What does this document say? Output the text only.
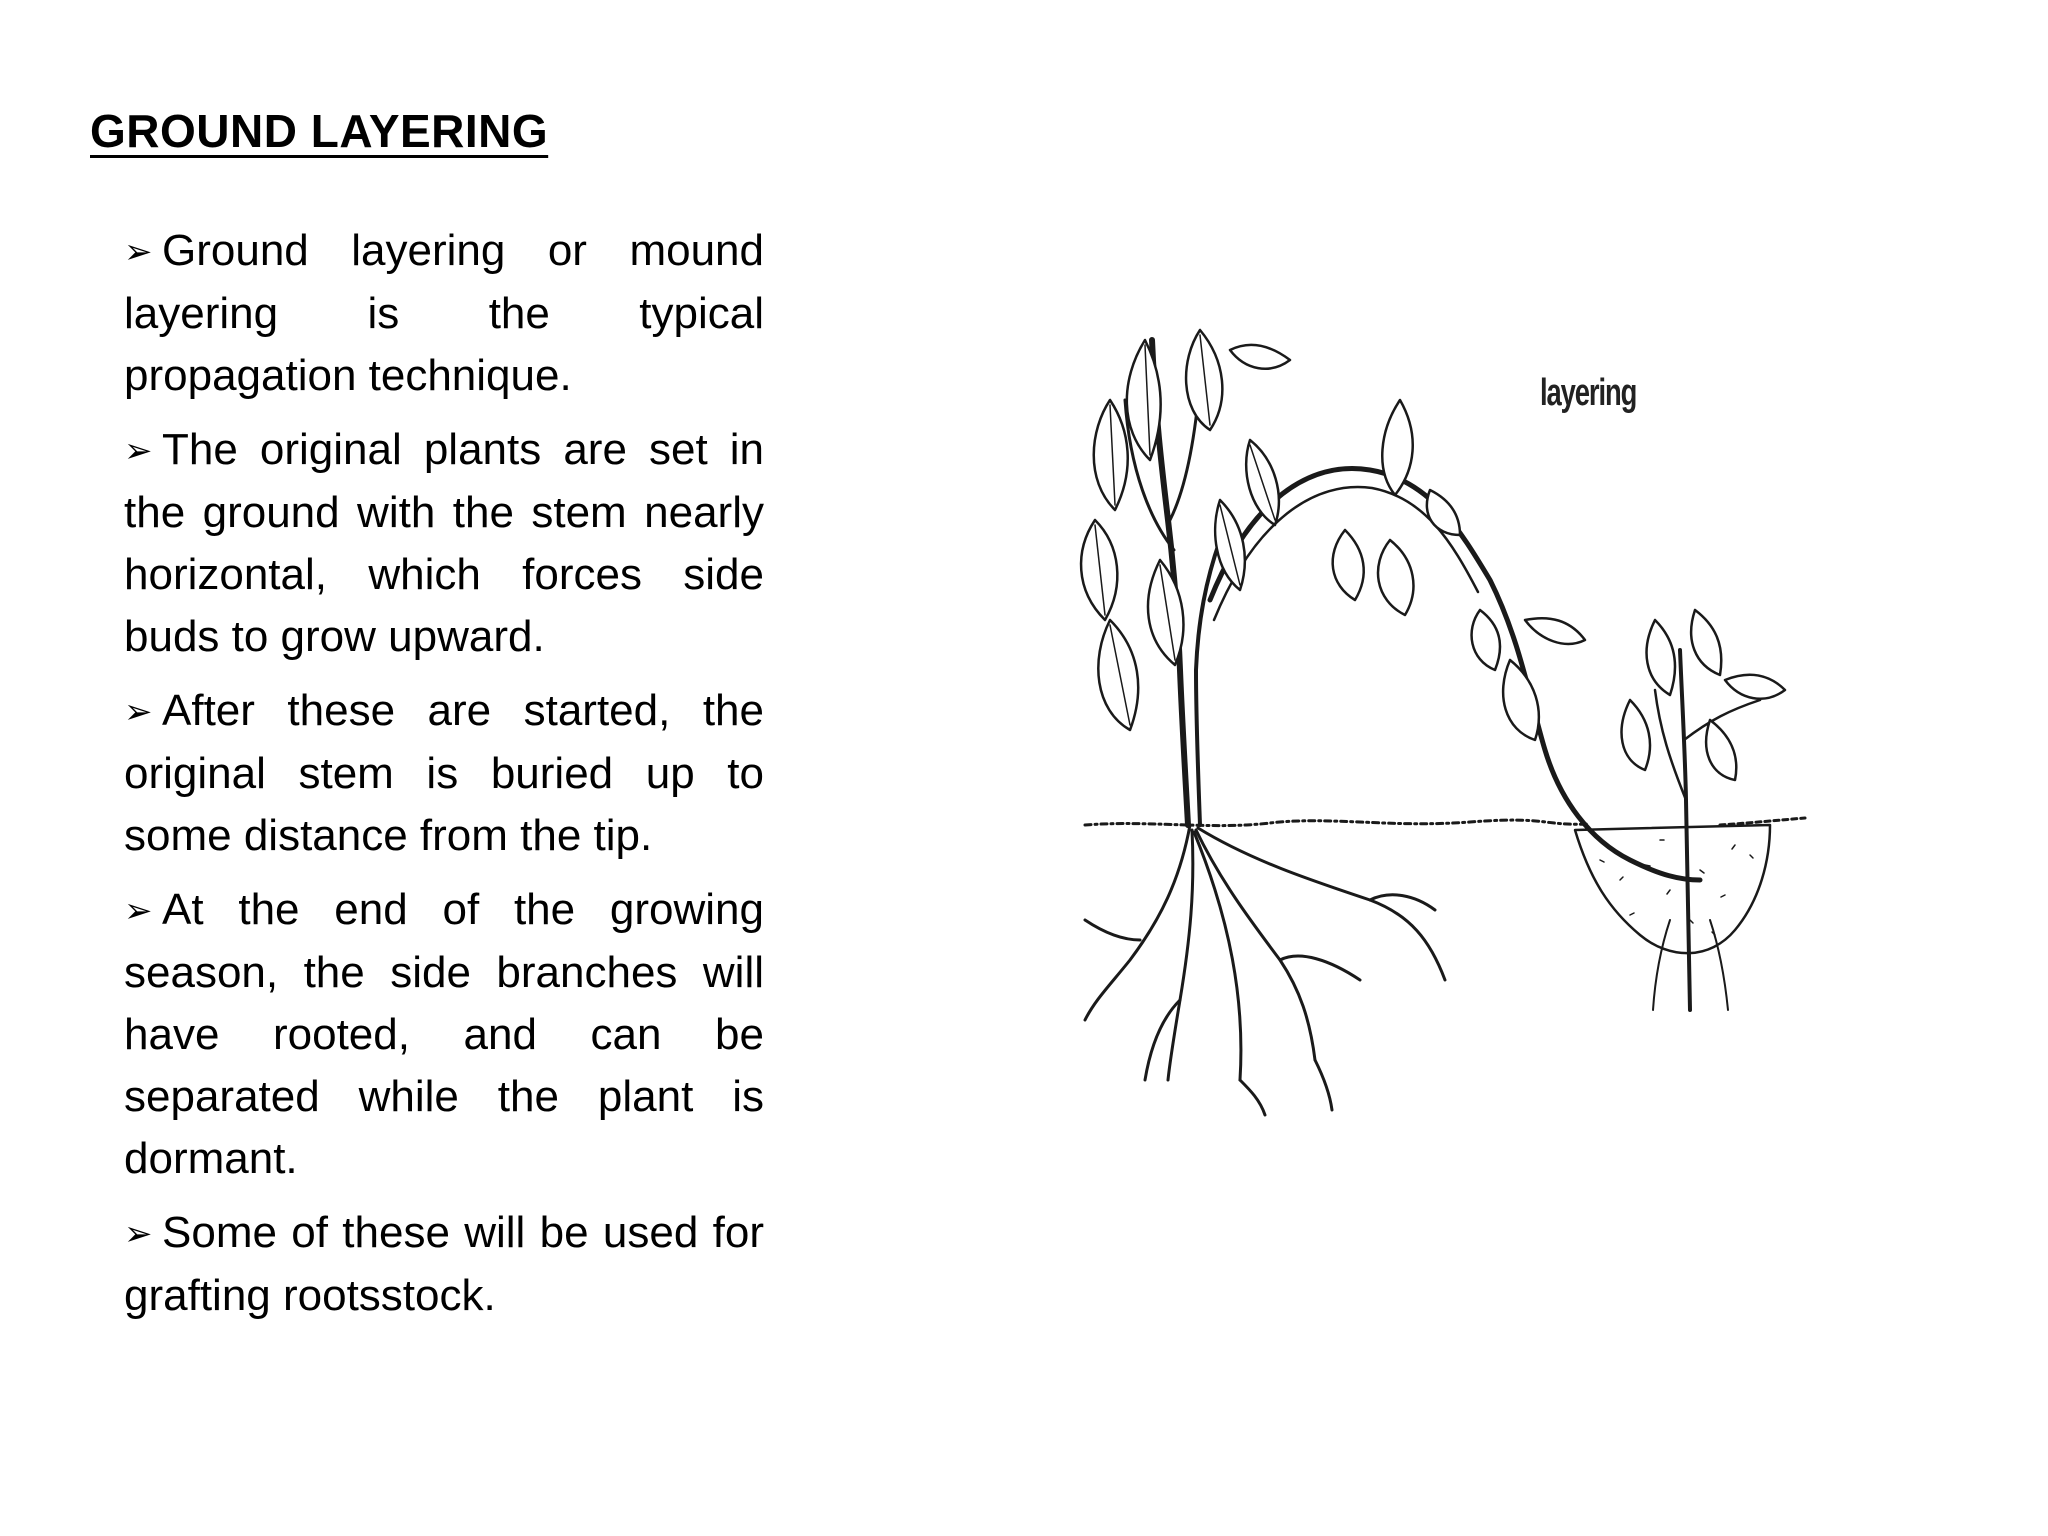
GROUND LAYERING
➢ Ground layering or mound layering is the typical propagation technique.
➢ The original plants are set in the ground with the stem nearly horizontal, which forces side buds to grow upward.
➢ After these are started, the original stem is buried up to some distance from the tip.
➢ At the end of the growing season, the side branches will have rooted, and can be separated while the plant is dormant.
➢ Some of these will be used for grafting rootsstock.
layering
